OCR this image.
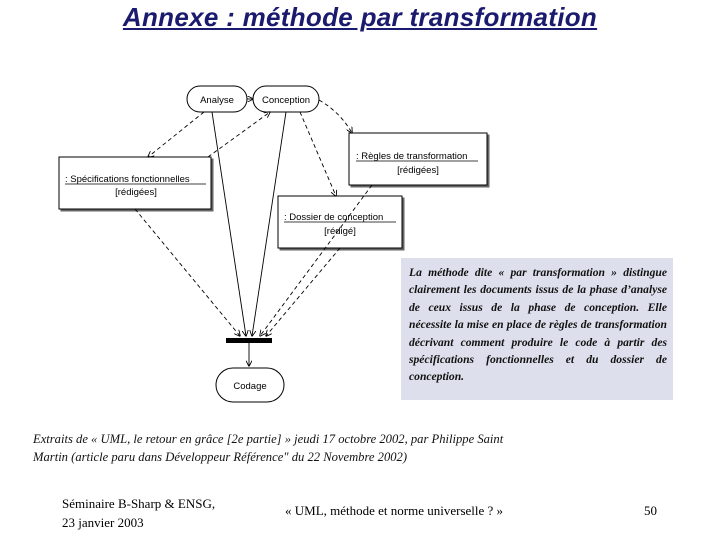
Annexe : méthode par transformation
Analyse	Conception
: Règles de transformation
[rédigées]
: Spécifications fonctionnelles
[rédigées]
: Dossier de conception
[rédigé]
Codage

La méthode dite « par transformation » distingue clairement les documents issus de la phase d’analyse de ceux issus de la phase de conception. Elle nécessite la mise en place de règles de transformation décrivant comment produire le code à partir des spécifications fonctionnelles et du dossier de conception.

Extraits de « UML, le retour en grâce [2e partie] » jeudi 17 octobre 2002, par Philippe Saint
Martin (article paru dans Développeur Référence" du 22 Novembre 2002)
Séminaire B-Sharp & ENSG,
23 janvier 2003
« UML, méthode et norme universelle ? »	50
